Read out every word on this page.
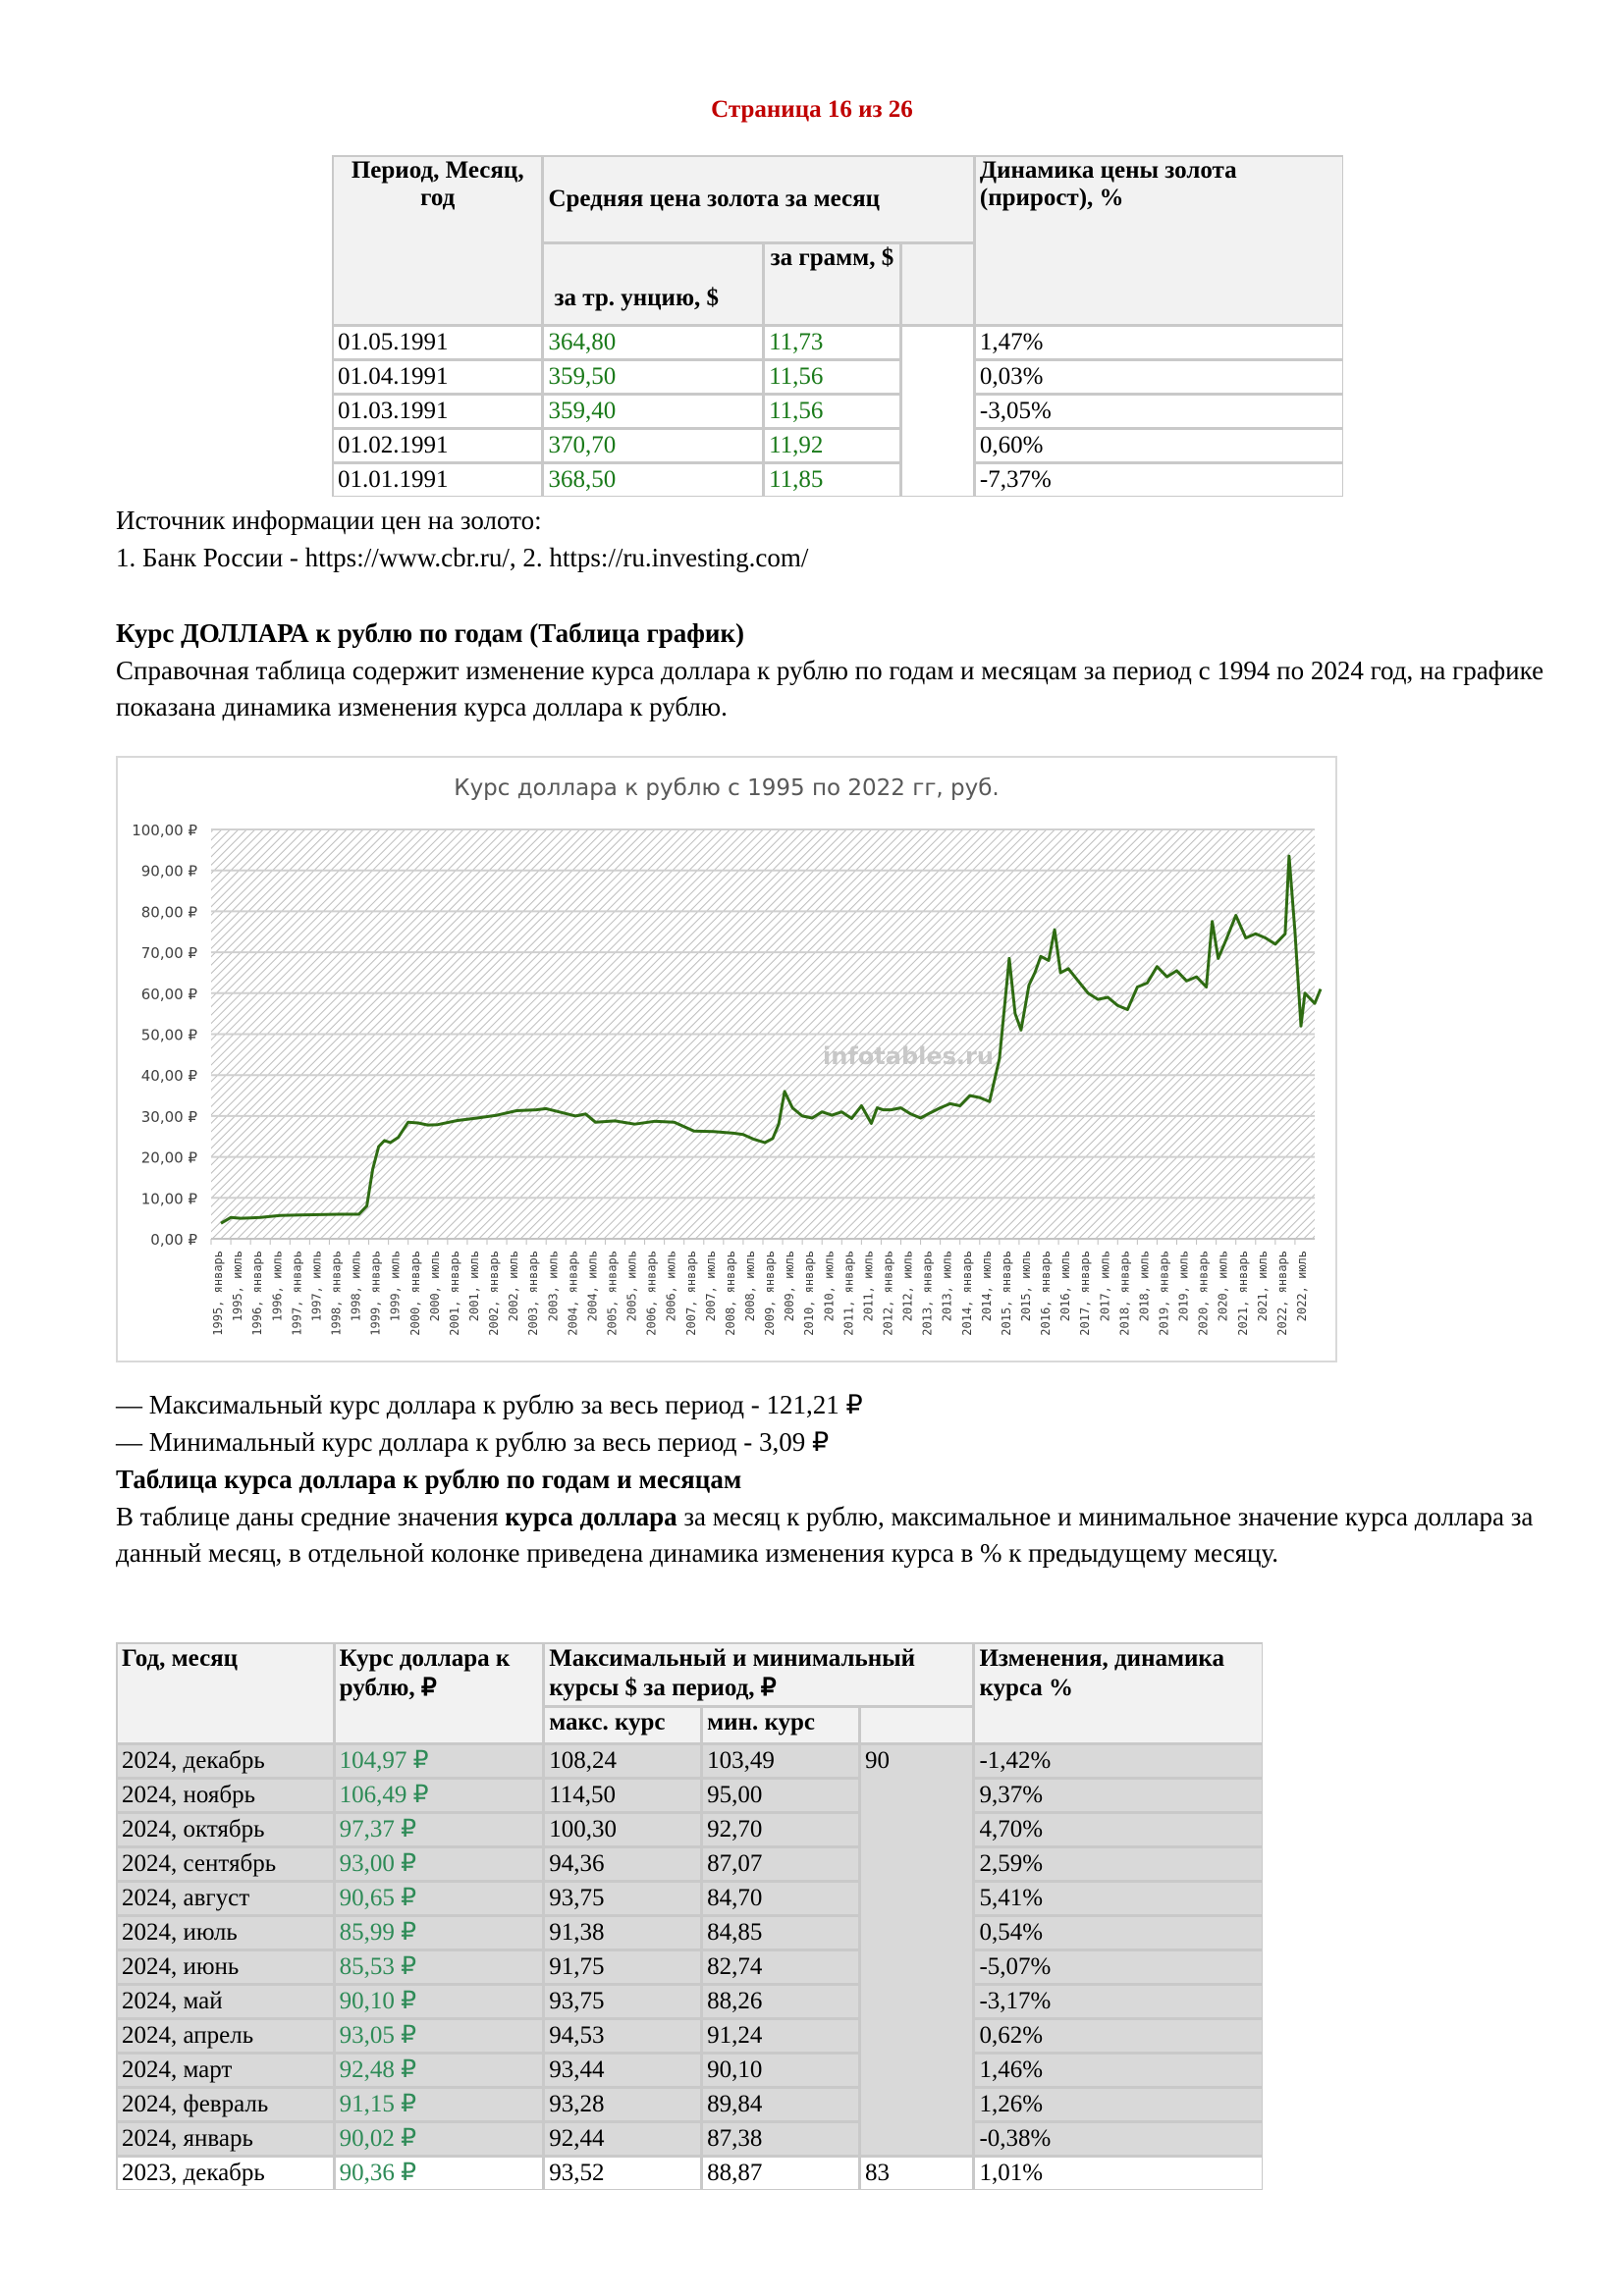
Страница 16 из 26
Период, Месяц, год	Средняя цена золота за месяц			Динамика цены золота (прирост), %
	за тр. унцию, $	за грамм, $		
01.05.1991	364,80	11,73		1,47%
01.04.1991	359,50	11,56		0,03%
01.03.1991	359,40	11,56		-3,05%
01.02.1991	370,70	11,92		0,60%
01.01.1991	368,50	11,85		-7,37%
Источник информации цен на золото:
1. Банк России - https://www.cbr.ru/, 2. https://ru.investing.com/
Курс ДОЛЛАРА к рублю по годам (Таблица график)
Справочная таблица содержит изменение курса доллара к рублю по годам и месяцам за период с 1994 по 2024 год, на графике показана динамика изменения курса доллара к рублю.
Курс доллара к рублю с 1995 по 2022 гг, руб.
0,00 ₽
10,00 ₽
20,00 ₽
30,00 ₽
40,00 ₽
50,00 ₽
60,00 ₽
70,00 ₽
80,00 ₽
90,00 ₽
100,00 ₽
1995, январь 1995, июль 1996, январь 1996, июль 1997, январь 1997, июль 1998, январь 1998, июль 1999, январь 1999, июль 2000, январь 2000, июль 2001, январь 2001, июль 2002, январь 2002, июль 2003, январь 2003, июль 2004, январь 2004, июль 2005, январь 2005, июль 2006, январь 2006, июль 2007, январь 2007, июль 2008, январь 2008, июль 2009, январь 2009, июль 2010, январь 2010, июль 2011, январь 2011, июль 2012, январь 2012, июль 2013, январь 2013, июль 2014, январь 2014, июль 2015, январь 2015, июль 2016, январь 2016, июль 2017, январь 2017, июль 2018, январь 2018, июль 2019, январь 2019, июль 2020, январь 2020, июль 2021, январь 2021, июль 2022, январь 2022, июль
infotables.ru
— Максимальный курс доллара к рублю за весь период - 121,21 ₽
— Минимальный курс доллара к рублю за весь период - 3,09 ₽
Таблица курса доллара к рублю по годам и месяцам
В таблице даны средние значения курса доллара за месяц к рублю, максимальное и минимальное значение курса доллара за данный месяц, в отдельной колонке приведена динамика изменения курса в % к предыдущему месяцу.
Год, месяц	Курс доллара к рублю, ₽	Максимальный и минимальный курсы $ за период, ₽			Изменения, динамика курса %
		макс. курс	мин. курс		
2024, декабрь	104,97 ₽	108,24	103,49	90	-1,42%
2024, ноябрь	106,49 ₽	114,50	95,00		9,37%
2024, октябрь	97,37 ₽	100,30	92,70		4,70%
2024, сентябрь	93,00 ₽	94,36	87,07		2,59%
2024, август	90,65 ₽	93,75	84,70		5,41%
2024, июль	85,99 ₽	91,38	84,85		0,54%
2024, июнь	85,53 ₽	91,75	82,74		-5,07%
2024, май	90,10 ₽	93,75	88,26		-3,17%
2024, апрель	93,05 ₽	94,53	91,24		0,62%
2024, март	92,48 ₽	93,44	90,10		1,46%
2024, февраль	91,15 ₽	93,28	89,84		1,26%
2024, январь	90,02 ₽	92,44	87,38		-0,38%
2023, декабрь	90,36 ₽	93,52	88,87	83	1,01%
